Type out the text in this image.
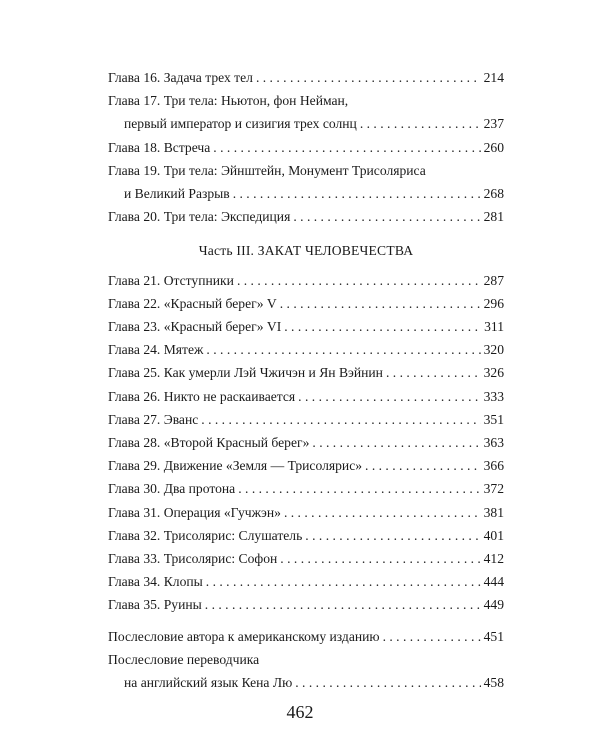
Глава 16. Задача трех тел . . .	214
Глава 17. Три тела: Ньютон, фон Нейман,
первый император и сизигия трех солнц . . .	237
Глава 18. Встреча . . .	260
Глава 19. Три тела: Эйнштейн, Монумент Трисоляриса
и Великий Разрыв . . .	268
Глава 20. Три тела: Экспедиция . . .	281
Часть III. ЗАКАТ ЧЕЛОВЕЧЕСТВА
Глава 21. Отступники . . .	287
Глава 22. «Красный берег» V . . .	296
Глава 23. «Красный берег» VI . . .	311
Глава 24. Мятеж . . .	320
Глава 25. Как умерли Лэй Чжичэн и Ян Вэйнин . . .	326
Глава 26. Никто не раскаивается . . .	333
Глава 27. Эванс . . .	351
Глава 28. «Второй Красный берег» . . .	363
Глава 29. Движение «Земля — Трисолярис» . . .	366
Глава 30. Два протона . . .	372
Глава 31. Операция «Гучжэн» . . .	381
Глава 32. Трисолярис: Слушатель . . .	401
Глава 33. Трисолярис: Софон . . .	412
Глава 34. Клопы . . .	444
Глава 35. Руины . . .	449
Послесловие автора к американскому изданию . . .	451
Послесловие переводчика
на английский язык Кена Лю . . .	458
462
